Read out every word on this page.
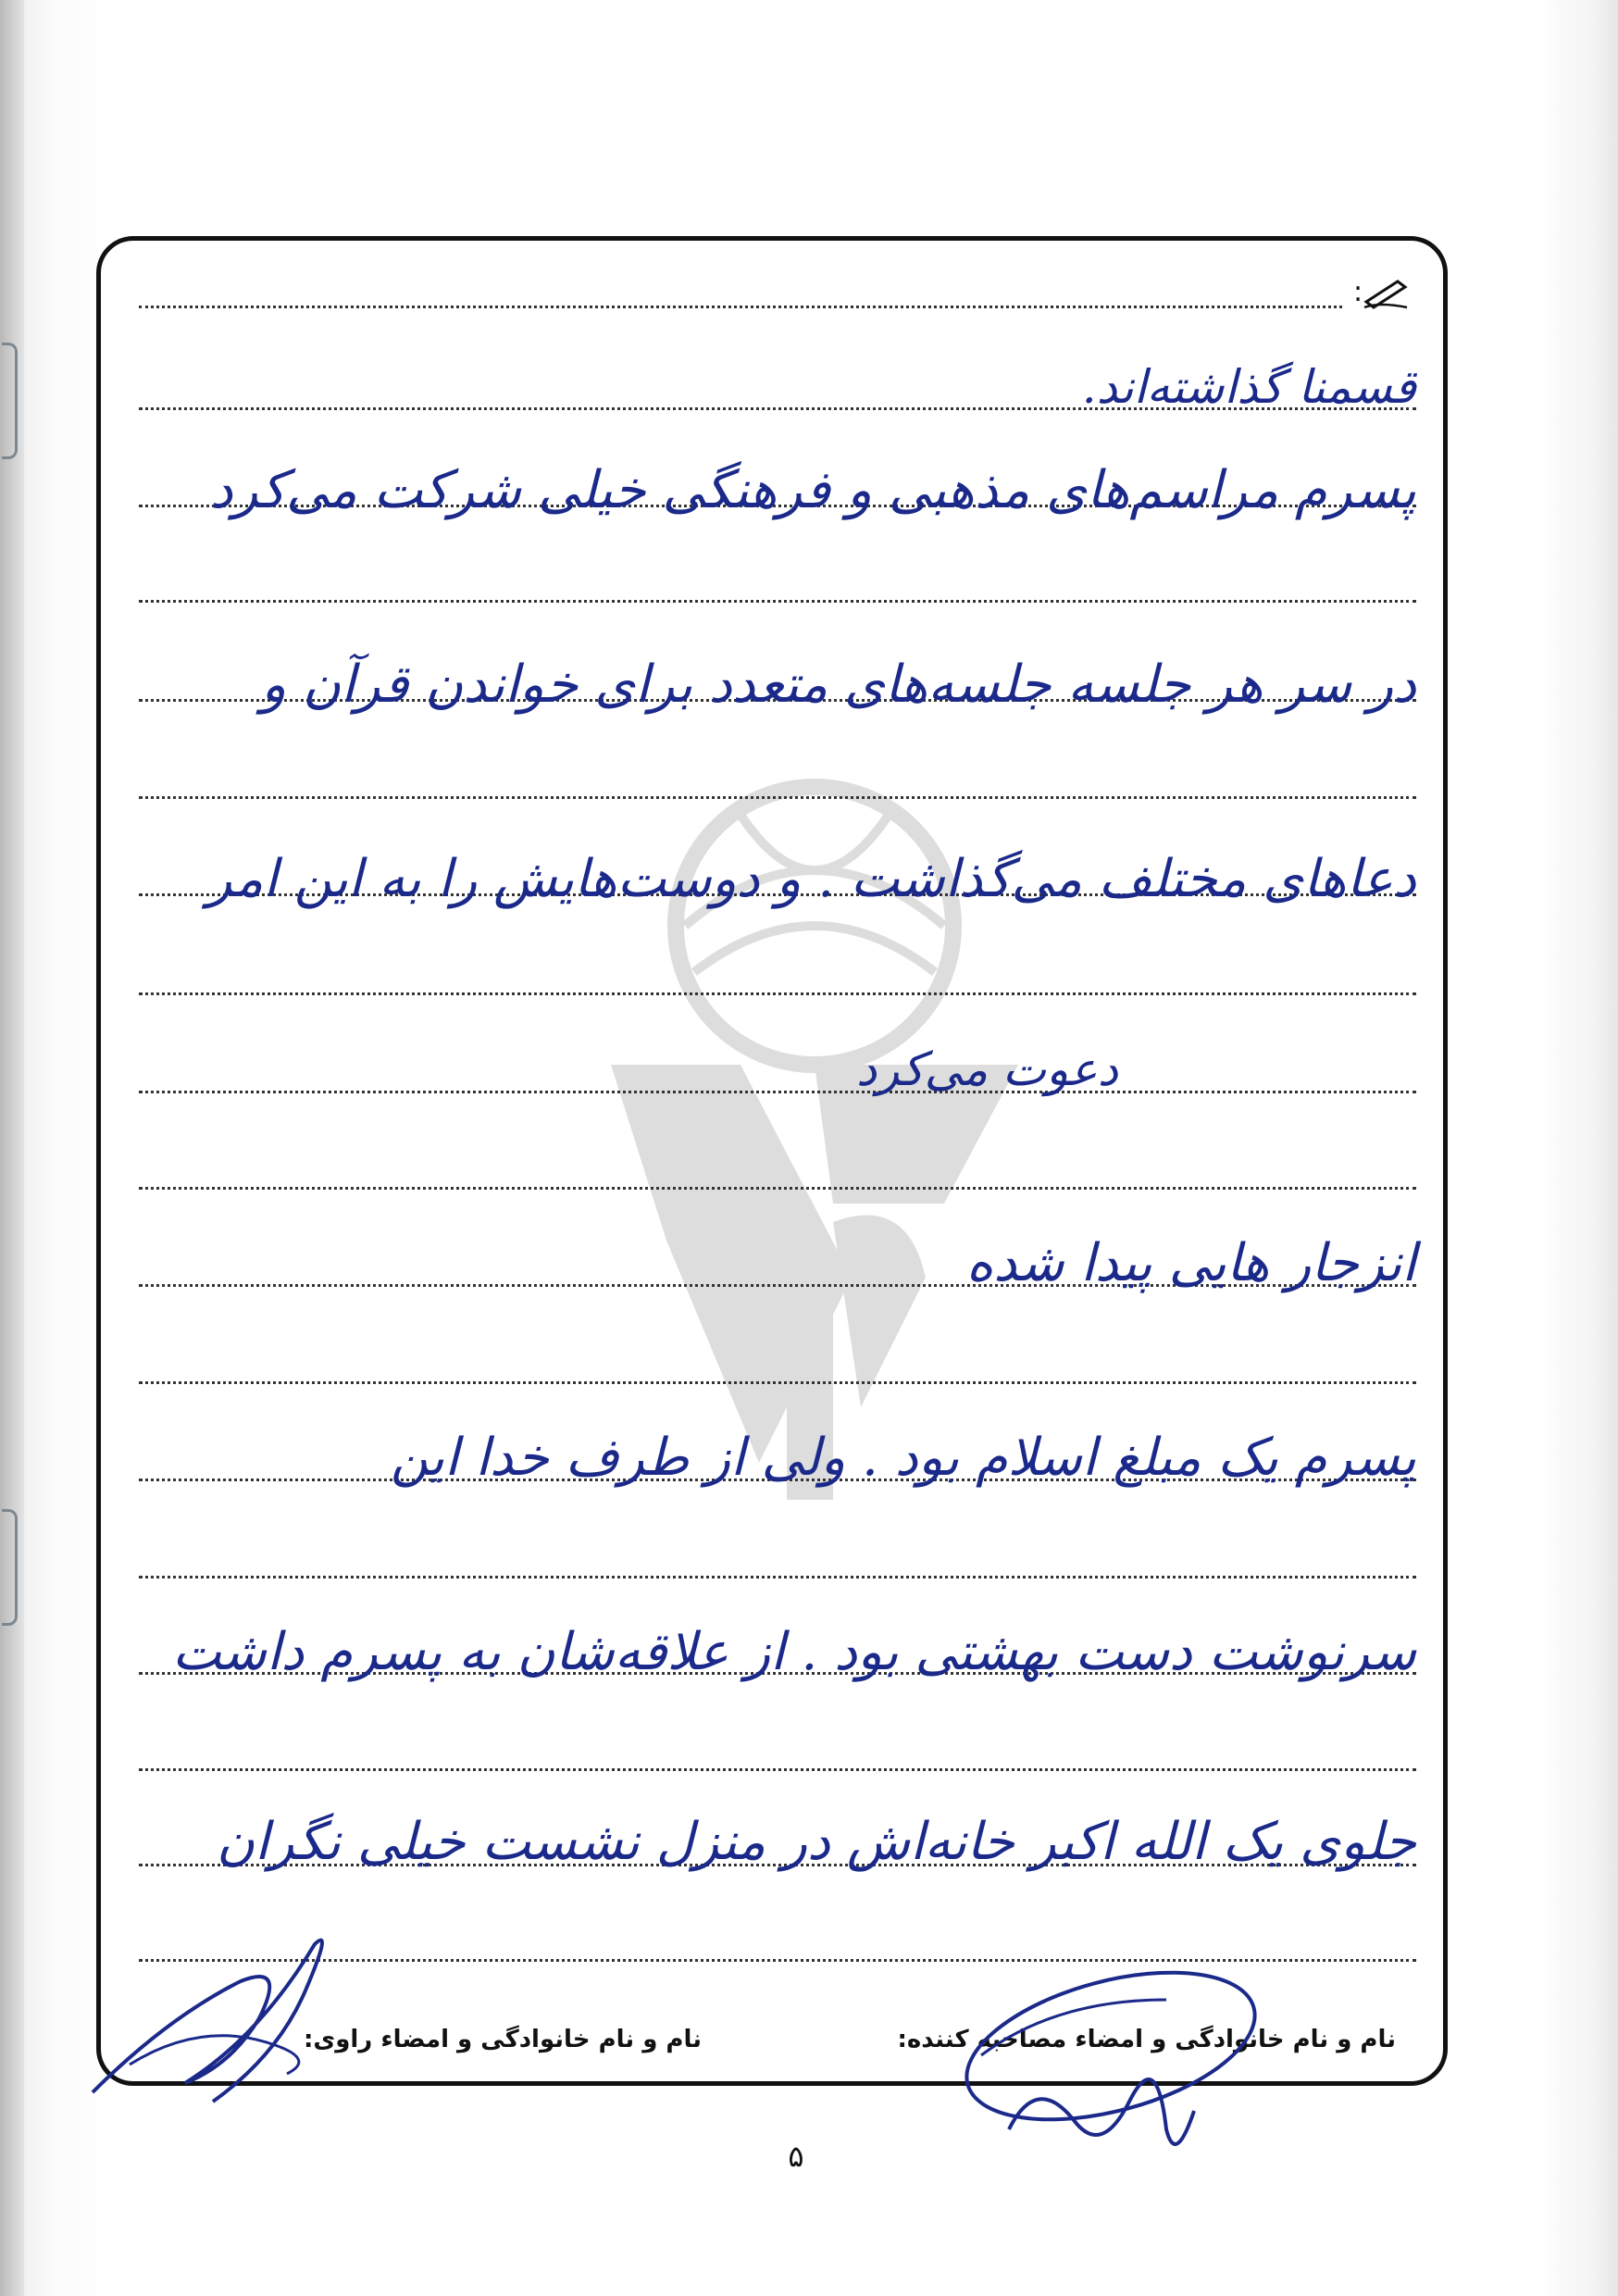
:
قسمنا گذاشته‌اند.
پسرم مراسم‌های مذهبی و فرهنگی خیلی شرکت می‌کرد
در سر هر جلسه جلسه‌های متعدد برای خواندن قرآن و
دعاهای مختلف می‌گذاشت . و دوست‌هایش را به این امر
دعوت می‌کرد
انزجار هایی پیدا شده
پسرم یک مبلغ اسلام بود . ولی از طرف خدا این
سرنوشت دست بهشتی بود . از علاقه‌شان به پسرم داشت
جلوی یک الله اکبر خانه‌اش در منزل نشست خیلی نگران
نام و نام خانوادگی و امضاء مصاحبه کننده:
نام و نام خانوادگی و امضاء راوی:
۵
